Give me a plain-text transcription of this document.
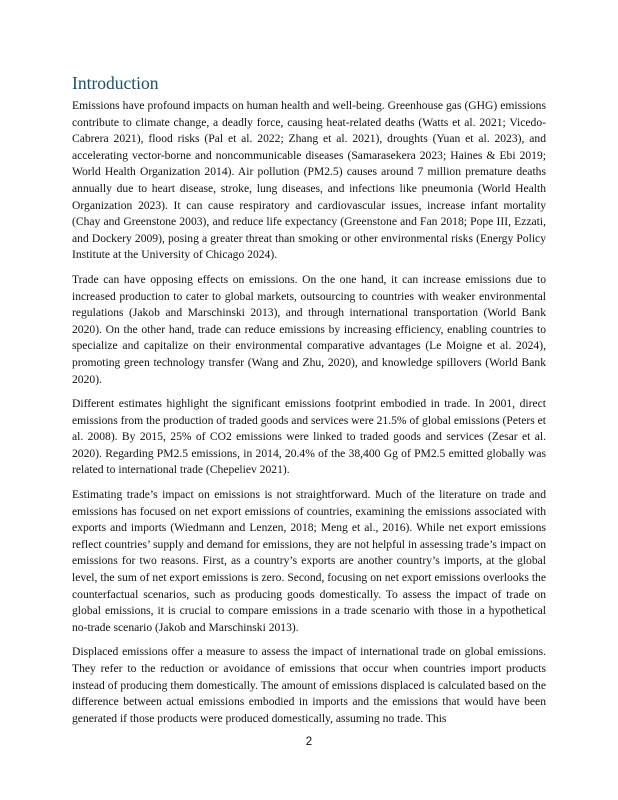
Introduction

Emissions have profound impacts on human health and well-being. Greenhouse gas (GHG) emissions contribute to climate change, a deadly force, causing heat-related deaths (Watts et al. 2021; Vicedo-Cabrera 2021), flood risks (Pal et al. 2022; Zhang et al. 2021), droughts (Yuan et al. 2023), and accelerating vector-borne and noncommunicable diseases (Samarasekera 2023; Haines & Ebi 2019; World Health Organization 2014). Air pollution (PM2.5) causes around 7 million premature deaths annually due to heart disease, stroke, lung diseases, and infections like pneumonia (World Health Organization 2023). It can cause respiratory and cardiovascular issues, increase infant mortality (Chay and Greenstone 2003), and reduce life expectancy (Greenstone and Fan 2018; Pope III, Ezzati, and Dockery 2009), posing a greater threat than smoking or other environmental risks (Energy Policy Institute at the University of Chicago 2024).

Trade can have opposing effects on emissions. On the one hand, it can increase emissions due to increased production to cater to global markets, outsourcing to countries with weaker environmental regulations (Jakob and Marschinski 2013), and through international transportation (World Bank 2020). On the other hand, trade can reduce emissions by increasing efficiency, enabling countries to specialize and capitalize on their environmental comparative advantages (Le Moigne et al. 2024), promoting green technology transfer (Wang and Zhu, 2020), and knowledge spillovers (World Bank 2020).

Different estimates highlight the significant emissions footprint embodied in trade. In 2001, direct emissions from the production of traded goods and services were 21.5% of global emissions (Peters et al. 2008). By 2015, 25% of CO2 emissions were linked to traded goods and services (Zesar et al. 2020). Regarding PM2.5 emissions, in 2014, 20.4% of the 38,400 Gg of PM2.5 emitted globally was related to international trade (Chepeliev 2021).

Estimating trade’s impact on emissions is not straightforward. Much of the literature on trade and emissions has focused on net export emissions of countries, examining the emissions associated with exports and imports (Wiedmann and Lenzen, 2018; Meng et al., 2016). While net export emissions reflect countries’ supply and demand for emissions, they are not helpful in assessing trade’s impact on emissions for two reasons. First, as a country’s exports are another country’s imports, at the global level, the sum of net export emissions is zero. Second, focusing on net export emissions overlooks the counterfactual scenarios, such as producing goods domestically. To assess the impact of trade on global emissions, it is crucial to compare emissions in a trade scenario with those in a hypothetical no-trade scenario (Jakob and Marschinski 2013).

Displaced emissions offer a measure to assess the impact of international trade on global emissions. They refer to the reduction or avoidance of emissions that occur when countries import products instead of producing them domestically. The amount of emissions displaced is calculated based on the difference between actual emissions embodied in imports and the emissions that would have been generated if those products were produced domestically, assuming no trade. This

2
